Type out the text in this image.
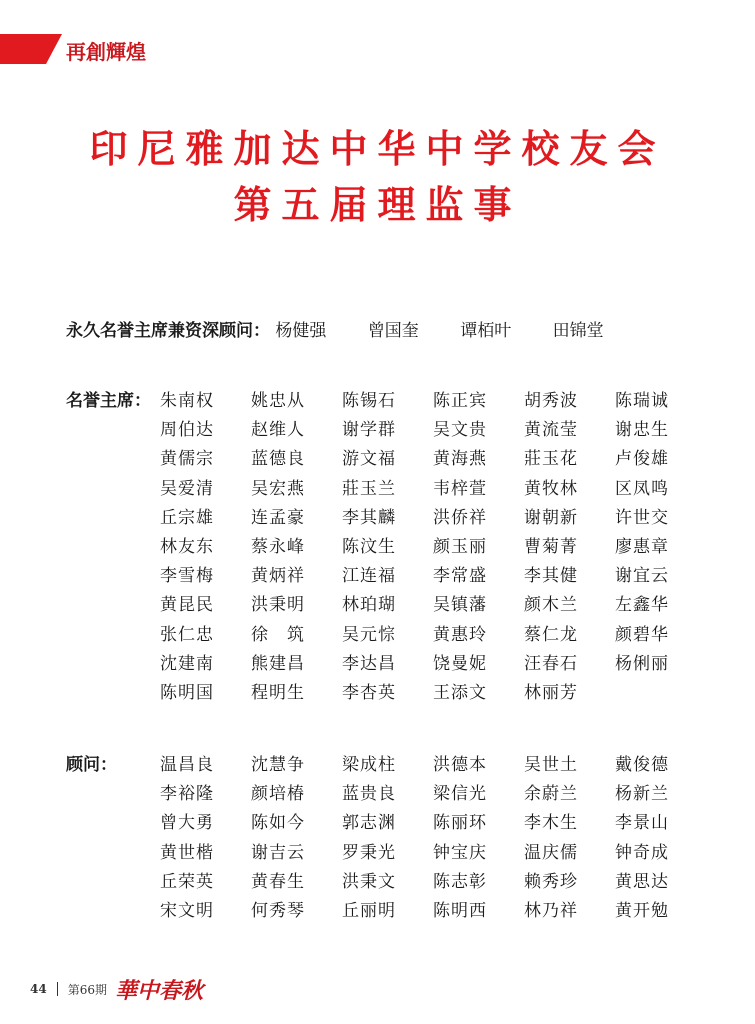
再創輝煌
印尼雅加达中华中学校友会
第五届理监事
永久名誉主席兼资深顾问： 杨健强 曾国奎 谭栢叶 田锦堂
名誉主席： 朱南权	姚忠从	陈锡石	陈正宾	胡秀波	陈瑞诚
周伯达	赵维人	谢学群	吴文贵	黄流莹	谢忠生
黄儒宗	蓝德良	游文福	黄海燕	莊玉花	卢俊雄
吴爱清	吴宏燕	莊玉兰	韦梓萱	黄牧林	区凤鸣
丘宗雄	连孟豪	李其麟	洪侨祥	谢朝新	许世交
林友东	蔡永峰	陈汶生	颜玉丽	曹菊菁	廖惠章
李雪梅	黄炳祥	江连福	李常盛	李其健	谢宜云
黄昆民	洪秉明	林珀瑚	吴镇藩	颜木兰	左鑫华
张仁忠	徐　筑	吴元悰	黄惠玲	蔡仁龙	颜碧华
沈建南	熊建昌	李达昌	饶曼妮	汪春石	杨俐丽
陈明国	程明生	李杏英	王添文	林丽芳
顾问：	温昌良	沈慧争	梁成柱	洪德本	吴世土	戴俊德
李裕隆	颜培椿	蓝贵良	梁信光	余蔚兰	杨新兰
曾大勇	陈如今	郭志渊	陈丽环	李木生	李景山
黄世楷	谢吉云	罗秉光	钟宝庆	温庆儒	钟奇成
丘荣英	黄春生	洪秉文	陈志彰	赖秀珍	黄思达
宋文明	何秀琴	丘丽明	陈明西	林乃祥	黄开勉
44 第66期 華中春秋
